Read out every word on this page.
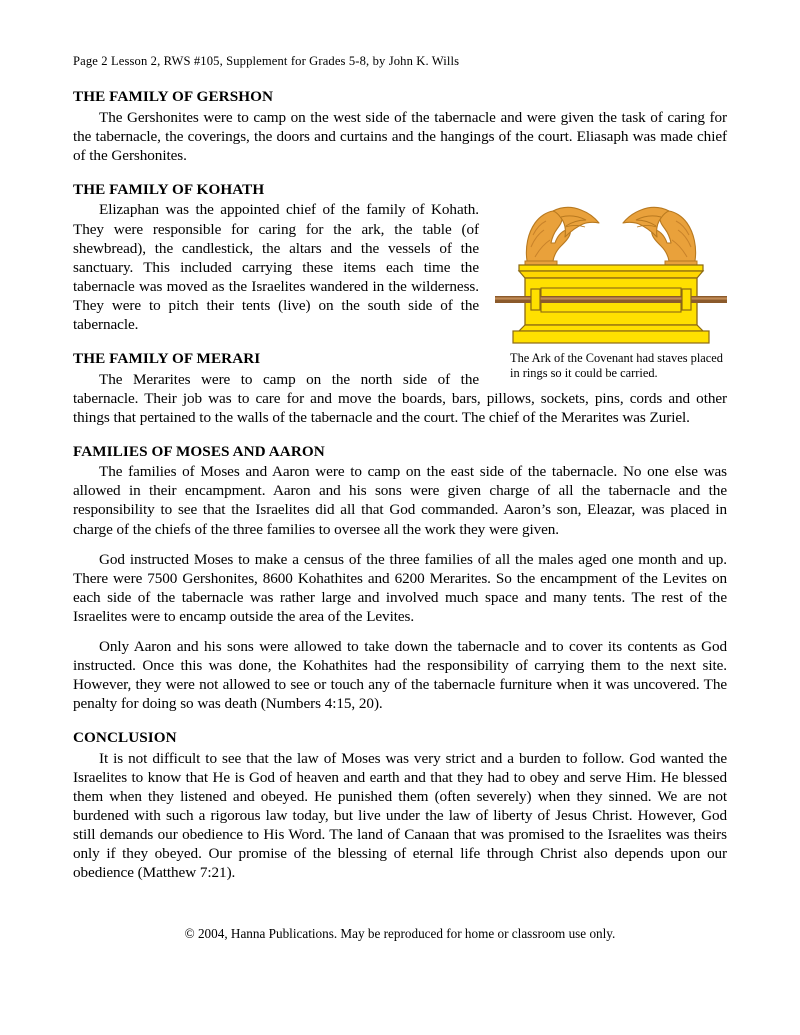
Page 2 Lesson 2, RWS #105, Supplement for Grades 5-8, by John K. Wills
THE FAMILY OF GERSHON

The Gershonites were to camp on the west side of the tabernacle and were given the task of caring for the tabernacle, the coverings, the doors and curtains and the hangings of the court. Eliasaph was made chief of the Gershonites.

The Ark of the Covenant had staves placed in rings so it could be carried.
THE FAMILY OF KOHATH

Elizaphan was the appointed chief of the family of Kohath. They were responsible for caring for the ark, the table (of shewbread), the candlestick, the altars and the vessels of the sanctuary. This included carrying these items each time the tabernacle was moved as the Israelites wandered in the wilderness. They were to pitch their tents (live) on the south side of the tabernacle.

THE FAMILY OF MERARI

The Merarites were to camp on the north side of the tabernacle. Their job was to care for and move the boards, bars, pillows, sockets, pins, cords and other things that pertained to the walls of the tabernacle and the court. The chief of the Merarites was Zuriel.

FAMILIES OF MOSES AND AARON

The families of Moses and Aaron were to camp on the east side of the tabernacle. No one else was allowed in their encampment. Aaron and his sons were given charge of all the tabernacle and the responsibility to see that the Israelites did all that God commanded. Aaron’s son, Eleazar, was placed in charge of the chiefs of the three families to oversee all the work they were given.

God instructed Moses to make a census of the three families of all the males aged one month and up. There were 7500 Gershonites, 8600 Kohathites and 6200 Merarites. So the encampment of the Levites on each side of the tabernacle was rather large and involved much space and many tents. The rest of the Israelites were to encamp outside the area of the Levites.

Only Aaron and his sons were allowed to take down the tabernacle and to cover its contents as God instructed. Once this was done, the Kohathites had the responsibility of carrying them to the next site. However, they were not allowed to see or touch any of the tabernacle furniture when it was uncovered. The penalty for doing so was death (Numbers 4:15, 20).

CONCLUSION

It is not difficult to see that the law of Moses was very strict and a burden to follow. God wanted the Israelites to know that He is God of heaven and earth and that they had to obey and serve Him. He blessed them when they listened and obeyed. He punished them (often severely) when they sinned. We are not burdened with such a rigorous law today, but live under the law of liberty of Jesus Christ. However, God still demands our obedience to His Word. The land of Canaan that was promised to the Israelites was theirs only if they obeyed. Our promise of the blessing of eternal life through Christ also depends upon our obedience (Matthew 7:21).

© 2004, Hanna Publications. May be reproduced for home or classroom use only.
